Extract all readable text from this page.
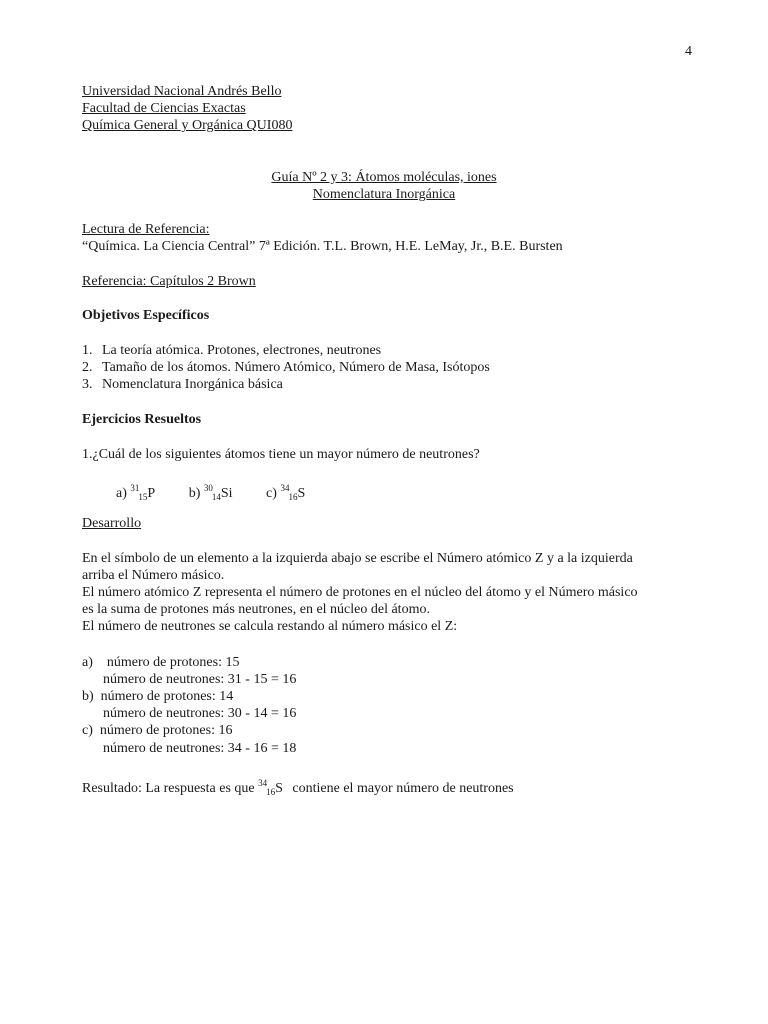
4
Universidad Nacional Andrés Bello
Facultad de Ciencias Exactas
Química General y Orgánica QUI080
Guía Nº 2 y 3: Átomos moléculas, iones
Nomenclatura Inorgánica
Lectura de Referencia:
“Química. La Ciencia Central” 7ª Edición. T.L. Brown, H.E. LeMay, Jr., B.E. Bursten
Referencia: Capítulos 2 Brown
Objetivos Específicos
1. La teoría atómica. Protones, electrones, neutrones
2. Tamaño de los átomos. Número Atómico, Número de Masa, Isótopos
3. Nomenclatura Inorgánica básica
Ejercicios Resueltos
1.¿Cuál de los siguientes átomos tiene un mayor número de neutrones?
a) $^{31}_{15}$P b) $^{30}_{14}$Si c) $^{34}_{16}$S
Desarrollo
En el símbolo de un elemento a la izquierda abajo se escribe el Número atómico Z y a la izquierda
arriba el Número másico.
El número atómico Z representa el número de protones en el núcleo del átomo y el Número másico
es la suma de protones más neutrones, en el núcleo del átomo.
El número de neutrones se calcula restando al número másico el Z:
a)    número de protones: 15
número de neutrones: 31 - 15 = 16
b)  número de protones: 14
número de neutrones: 30 - 14 = 16
c)  número de protones: 16
número de neutrones: 34 - 16 = 18
Resultado: La respuesta es que $^{34}_{16}$S contiene el mayor número de neutrones
